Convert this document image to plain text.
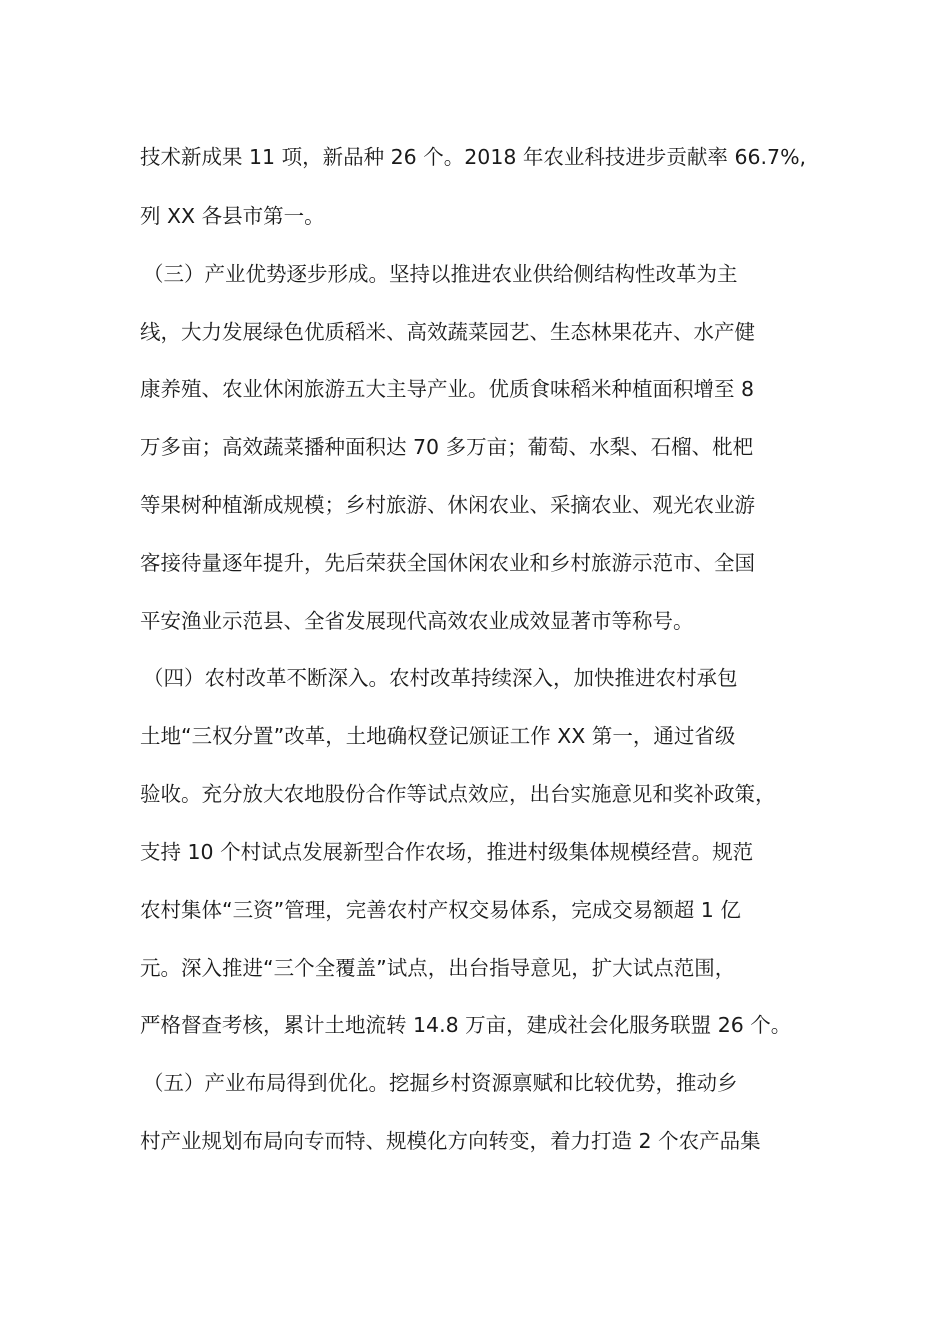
技术新成果 11 项，新品种 26 个。2018 年农业科技进步贡献率 66.7%,
列 XX 各县市第一。
（三）产业优势逐步形成。坚持以推进农业供给侧结构性改革为主
线，大力发展绿色优质稻米、高效蔬菜园艺、生态林果花卉、水产健
康养殖、农业休闲旅游五大主导产业。优质食味稻米种植面积增至 8
万多亩；高效蔬菜播种面积达 70 多万亩；葡萄、水梨、石榴、枇杷
等果树种植渐成规模；乡村旅游、休闲农业、采摘农业、观光农业游
客接待量逐年提升，先后荣获全国休闲农业和乡村旅游示范市、全国
平安渔业示范县、全省发展现代高效农业成效显著市等称号。
（四）农村改革不断深入。农村改革持续深入，加快推进农村承包
土地“三权分置”改革，土地确权登记颁证工作 XX 第一，通过省级
验收。充分放大农地股份合作等试点效应，出台实施意见和奖补政策，
支持 10 个村试点发展新型合作农场，推进村级集体规模经营。规范
农村集体“三资”管理，完善农村产权交易体系，完成交易额超 1 亿
元。深入推进“三个全覆盖”试点，出台指导意见，扩大试点范围，
严格督查考核，累计土地流转 14.8 万亩，建成社会化服务联盟 26 个。
（五）产业布局得到优化。挖掘乡村资源禀赋和比较优势，推动乡
村产业规划布局向专而特、规模化方向转变，着力打造 2 个农产品集
